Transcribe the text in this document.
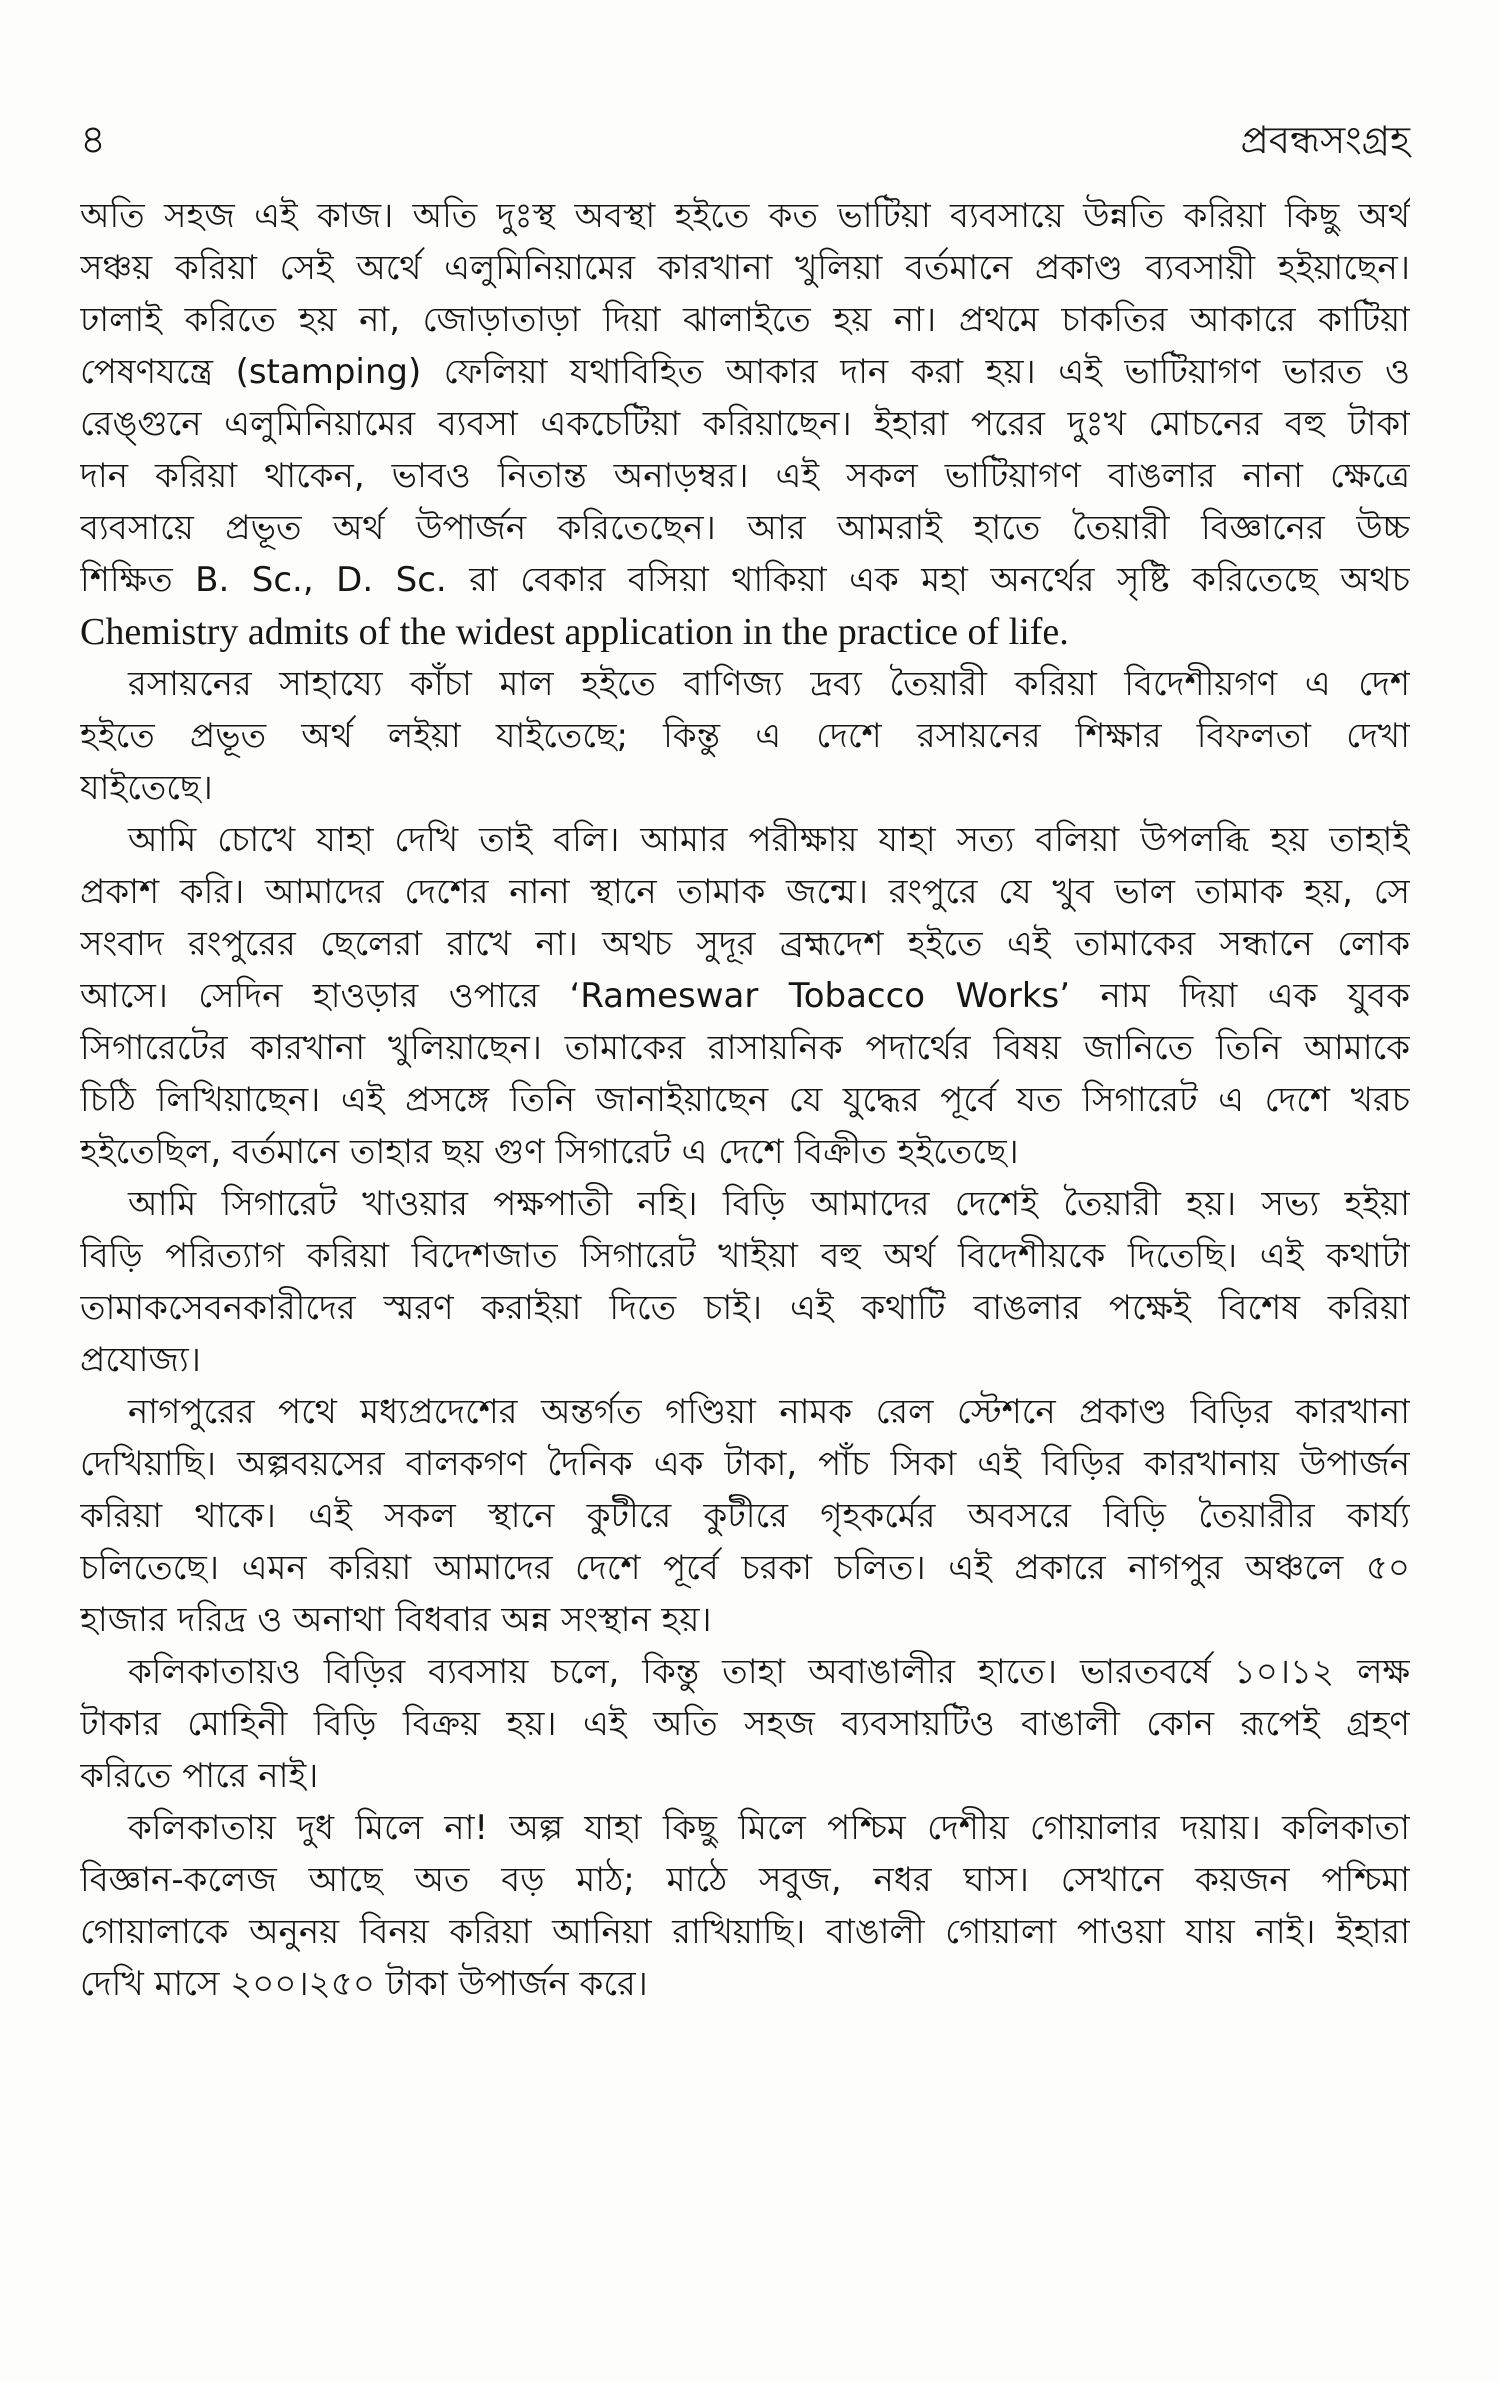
৪	প্রবন্ধসংগ্রহ
অতি সহজ এই কাজ। অতি দুঃস্থ অবস্থা হইতে কত ভাটিয়া ব্যবসায়ে উন্নতি করিয়া কিছু অর্থ
সঞ্চয় করিয়া সেই অর্থে এলুমিনিয়ামের কারখানা খুলিয়া বর্তমানে প্রকাণ্ড ব্যবসায়ী হইয়াছেন।
ঢালাই করিতে হয় না, জোড়াতাড়া দিয়া ঝালাইতে হয় না। প্রথমে চাকতির আকারে কাটিয়া
পেষণযন্ত্রে (stamping) ফেলিয়া যথাবিহিত আকার দান করা হয়। এই ভাটিয়াগণ ভারত ও
রেঙ্গুনে এলুমিনিয়ামের ব্যবসা একচেটিয়া করিয়াছেন। ইহারা পরের দুঃখ মোচনের বহু টাকা
দান করিয়া থাকেন, ভাবও নিতান্ত অনাড়ম্বর। এই সকল ভাটিয়াগণ বাঙলার নানা ক্ষেত্রে
ব্যবসায়ে প্রভূত অর্থ উপার্জন করিতেছেন। আর আমরাই হাতে তৈয়ারী বিজ্ঞানের উচ্চ
শিক্ষিত B. Sc., D. Sc. রা বেকার বসিয়া থাকিয়া এক মহা অনর্থের সৃষ্টি করিতেছে অথচ
Chemistry admits of the widest application in the practice of life.
রসায়নের সাহায্যে কাঁচা মাল হইতে বাণিজ্য দ্রব্য তৈয়ারী করিয়া বিদেশীয়গণ এ দেশ
হইতে প্রভূত অর্থ লইয়া যাইতেছে; কিন্তু এ দেশে রসায়নের শিক্ষার বিফলতা দেখা
যাইতেছে।
আমি চোখে যাহা দেখি তাই বলি। আমার পরীক্ষায় যাহা সত্য বলিয়া উপলব্ধি হয় তাহাই
প্রকাশ করি। আমাদের দেশের নানা স্থানে তামাক জন্মে। রংপুরে যে খুব ভাল তামাক হয়, সে
সংবাদ রংপুরের ছেলেরা রাখে না। অথচ সুদূর ব্রহ্মদেশ হইতে এই তামাকের সন্ধানে লোক
আসে। সেদিন হাওড়ার ওপারে ‘Rameswar Tobacco Works’ নাম দিয়া এক যুবক
সিগারেটের কারখানা খুলিয়াছেন। তামাকের রাসায়নিক পদার্থের বিষয় জানিতে তিনি আমাকে
চিঠি লিখিয়াছেন। এই প্রসঙ্গে তিনি জানাইয়াছেন যে যুদ্ধের পূর্বে যত সিগারেট এ দেশে খরচ
হইতেছিল, বর্তমানে তাহার ছয় গুণ সিগারেট এ দেশে বিক্রীত হইতেছে।
আমি সিগারেট খাওয়ার পক্ষপাতী নহি। বিড়ি আমাদের দেশেই তৈয়ারী হয়। সভ্য হইয়া
বিড়ি পরিত্যাগ করিয়া বিদেশজাত সিগারেট খাইয়া বহু অর্থ বিদেশীয়কে দিতেছি। এই কথাটা
তামাকসেবনকারীদের স্মরণ করাইয়া দিতে চাই। এই কথাটি বাঙলার পক্ষেই বিশেষ করিয়া
প্রযোজ্য।
নাগপুরের পথে মধ্যপ্রদেশের অন্তর্গত গণ্ডিয়া নামক রেল স্টেশনে প্রকাণ্ড বিড়ির কারখানা
দেখিয়াছি। অল্পবয়সের বালকগণ দৈনিক এক টাকা, পাঁচ সিকা এই বিড়ির কারখানায় উপার্জন
করিয়া থাকে। এই সকল স্থানে কুটীরে কুটীরে গৃহকর্মের অবসরে বিড়ি তৈয়ারীর কার্য্য
চলিতেছে। এমন করিয়া আমাদের দেশে পূর্বে চরকা চলিত। এই প্রকারে নাগপুর অঞ্চলে ৫০
হাজার দরিদ্র ও অনাথা বিধবার অন্ন সংস্থান হয়।
কলিকাতায়ও বিড়ির ব্যবসায় চলে, কিন্তু তাহা অবাঙালীর হাতে। ভারতবর্ষে ১০।১২ লক্ষ
টাকার মোহিনী বিড়ি বিক্রয় হয়। এই অতি সহজ ব্যবসায়টিও বাঙালী কোন রূপেই গ্রহণ
করিতে পারে নাই।
কলিকাতায় দুধ মিলে না! অল্প যাহা কিছু মিলে পশ্চিম দেশীয় গোয়ালার দয়ায়। কলিকাতা
বিজ্ঞান-কলেজ আছে অত বড় মাঠ; মাঠে সবুজ, নধর ঘাস। সেখানে কয়জন পশ্চিমা
গোয়ালাকে অনুনয় বিনয় করিয়া আনিয়া রাখিয়াছি। বাঙালী গোয়ালা পাওয়া যায় নাই। ইহারা
দেখি মাসে ২০০।২৫০ টাকা উপার্জন করে।
